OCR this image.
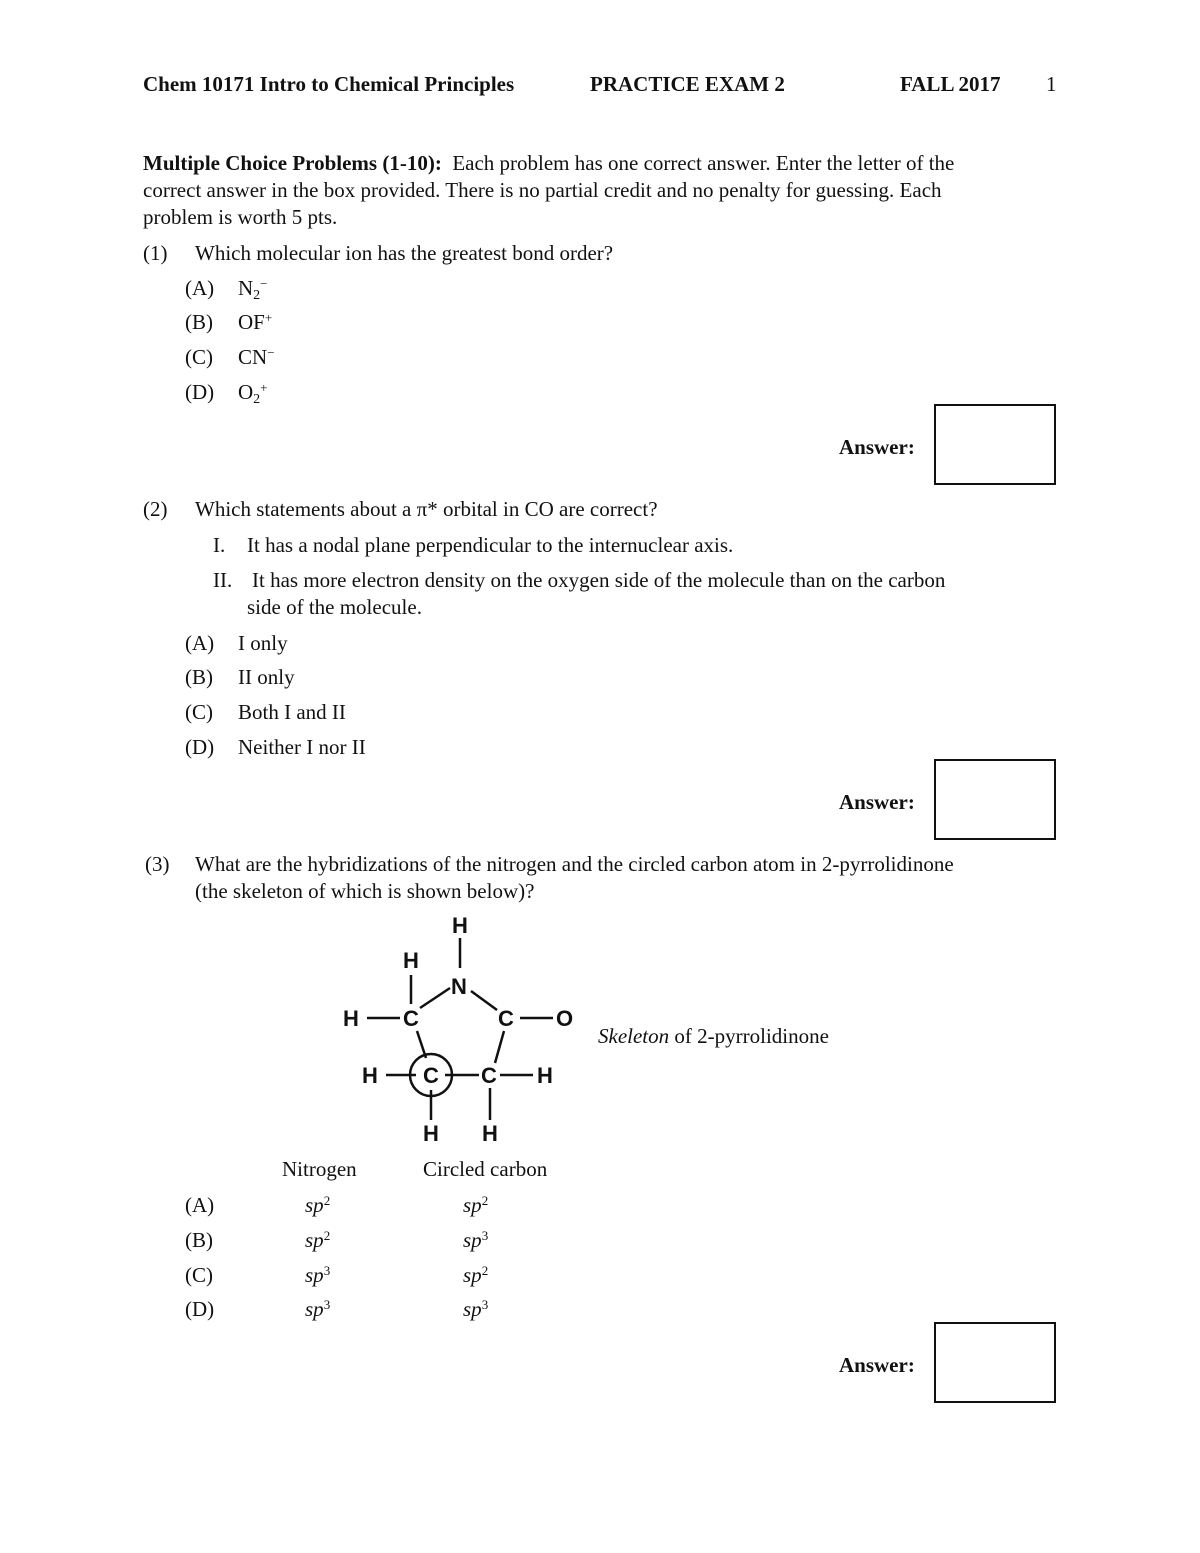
Chem 10171 Intro to Chemical Principles	PRACTICE EXAM 2	FALL 2017 1
Multiple Choice Problems (1-10): Each problem has one correct answer. Enter the letter of the
correct answer in the box provided. There is no partial credit and no penalty for guessing. Each
problem is worth 5 pts.
(1) Which molecular ion has the greatest bond order?
(A) $N_2^-$
(B) OF+
(C) CN−
(D) $O_2^+$
Answer:
(2) Which statements about a π* orbital in CO are correct?
I. It has a nodal plane perpendicular to the internuclear axis.
II. It has more electron density on the oxygen side of the molecule than on the carbon
side of the molecule.
(A) I only
(B) II only
(C) Both I and II
(D) Neither I nor II
Answer:
(3) What are the hybridizations of the nitrogen and the circled carbon atom in 2-pyrrolidinone
(the skeleton of which is shown below)?
H
N
H
C
H	C O
C
H	C H
H H
Skeleton of 2-pyrrolidinone
Nitrogen	Circled carbon
(A)	$sp^2$	$sp^2$
(B)	$sp^2$	$sp^3$
(C)	$sp^3$	$sp^2$
(D)	$sp^3$	$sp^3$
Answer:
